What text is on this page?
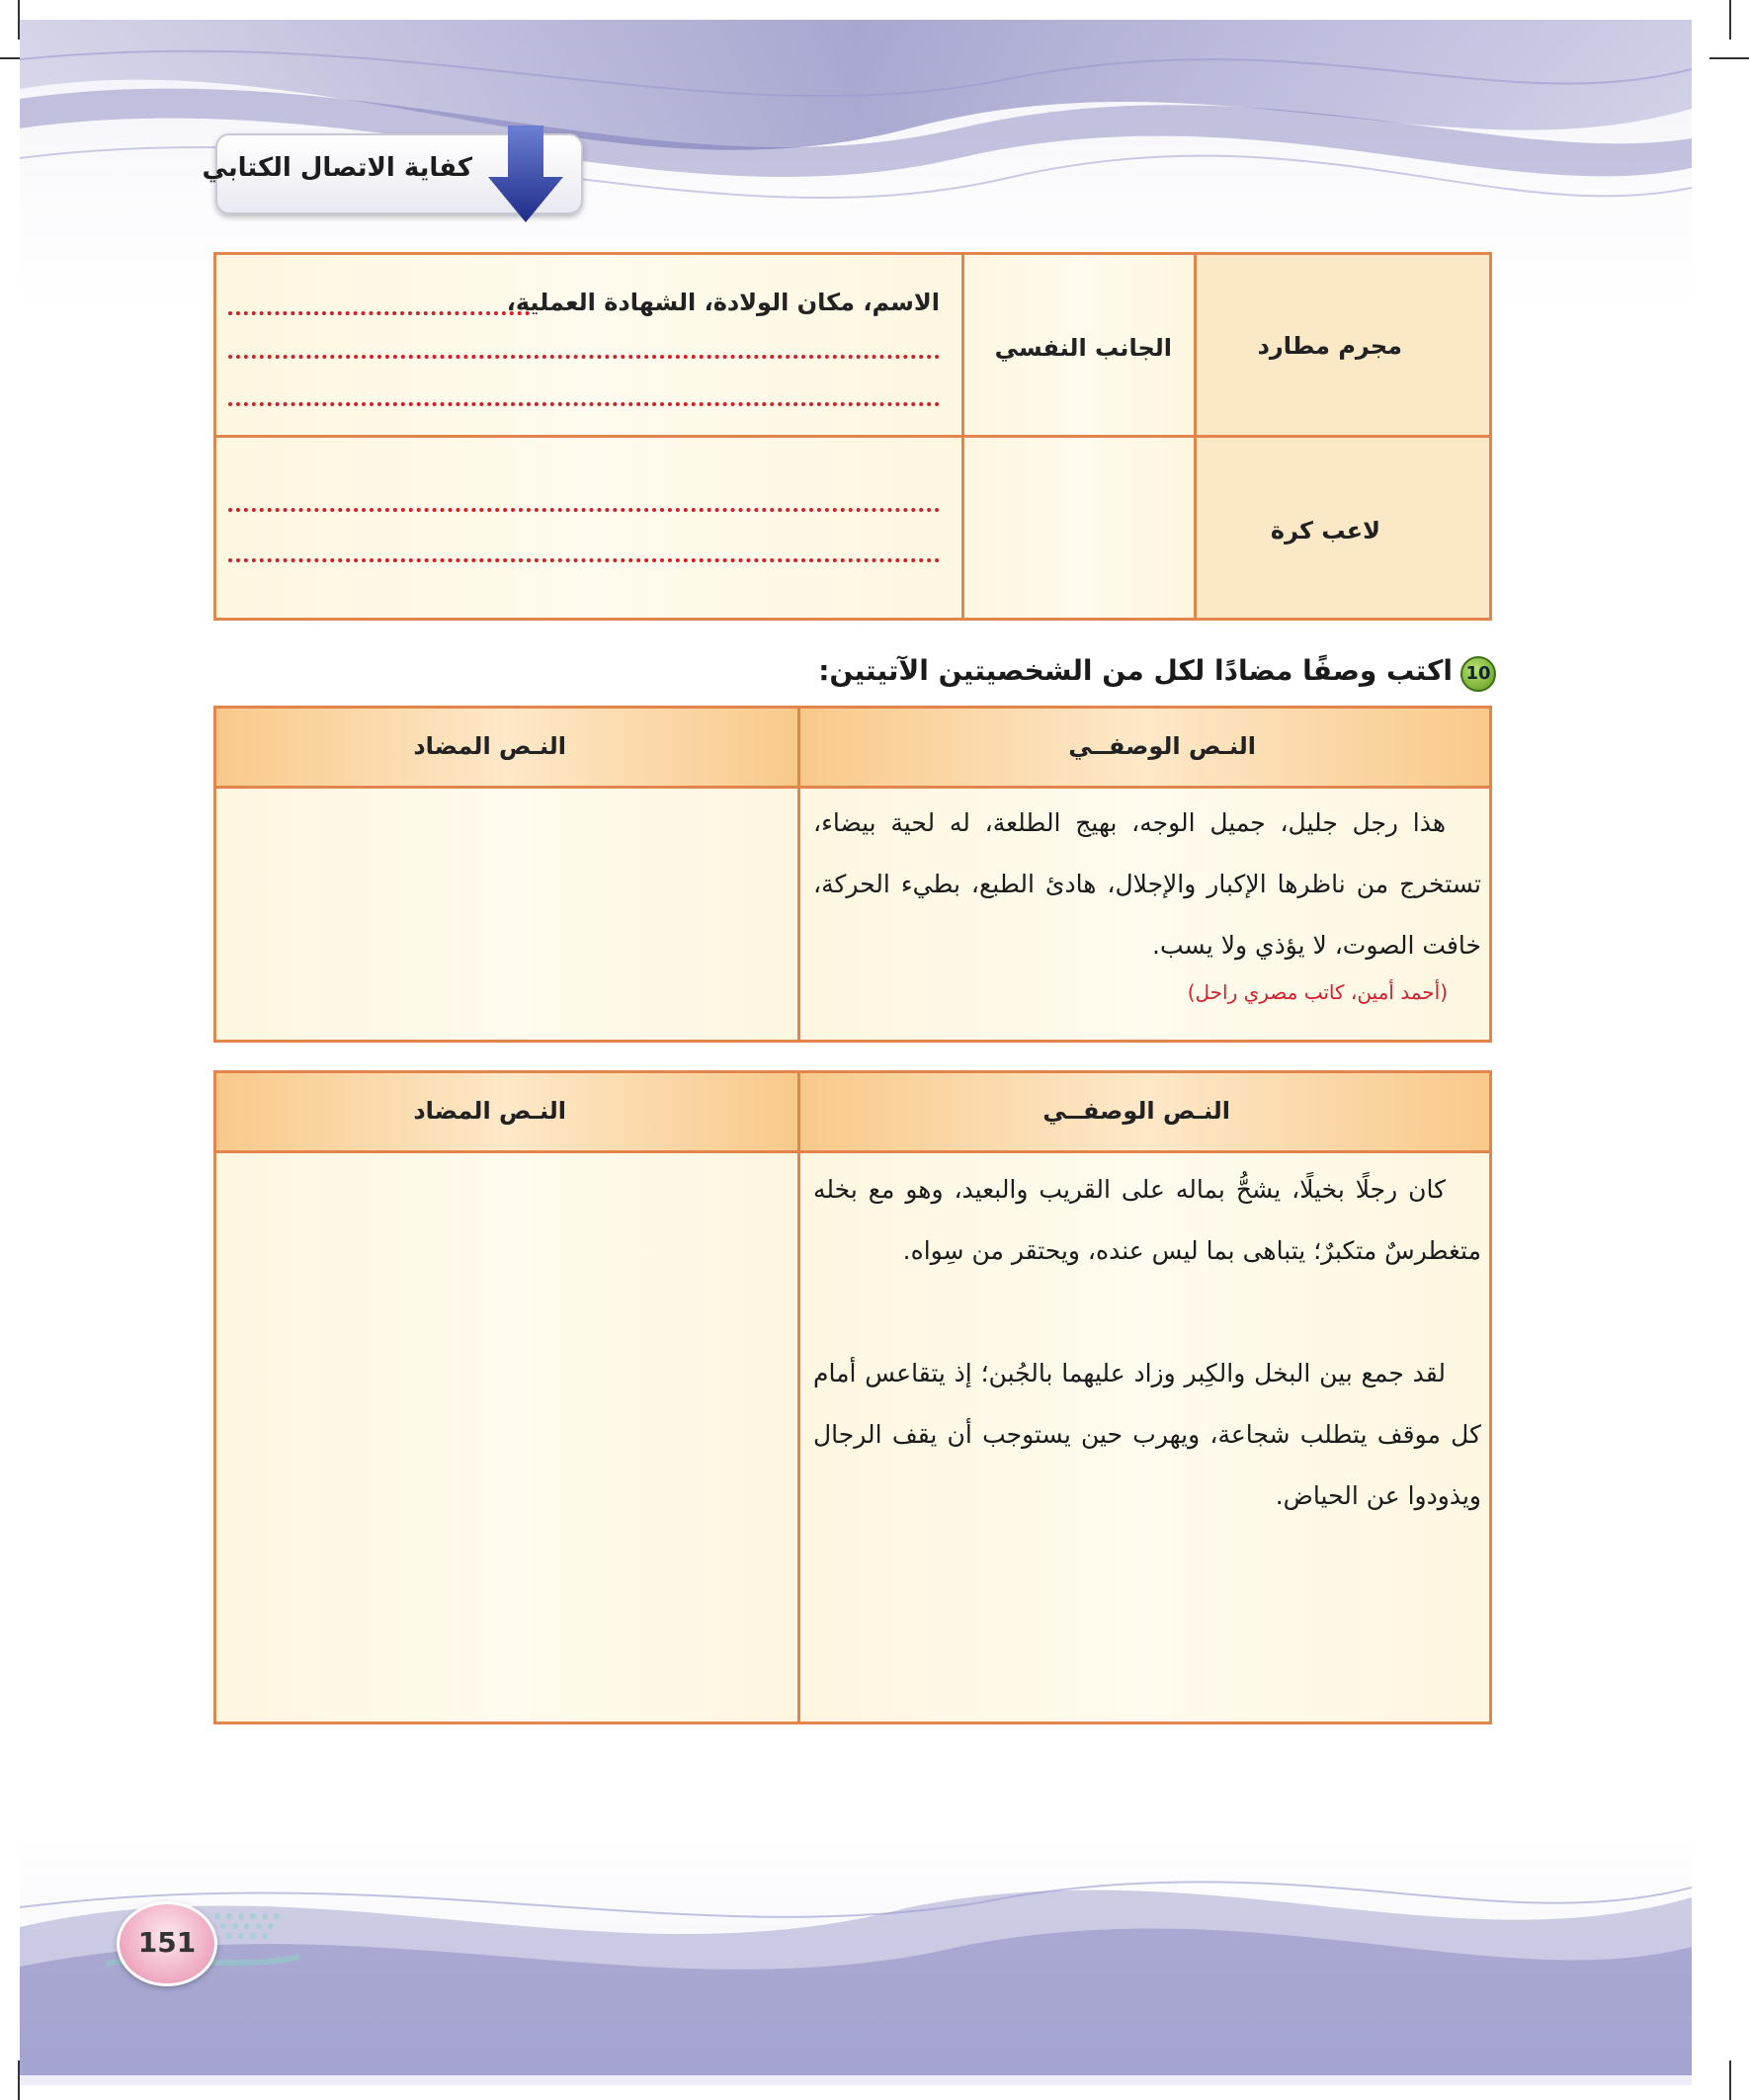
كفاية الاتصال الكتابي
مجرم مطارد
الجانب النفسي
الاسم، مكان الولادة، الشهادة العملية،
لاعب كرة
10
اكتب وصفًا مضادًا لكل من الشخصيتين الآتيتين:
النـص الوصفــي
النـص المضاد
هذا رجل جليل، جميل الوجه، بهيج الطلعة، له لحية بيضاء، تستخرج من ناظرها الإكبار والإجلال، هادئ الطبع، بطيء الحركة، خافت الصوت، لا يؤذي ولا يسب.
(أحمد أمين، كاتب مصري راحل)
النـص الوصفــي
النـص المضاد
كان رجلًا بخيلًا، يشحُّ بماله على القريب والبعيد، وهو مع بخله متغطرسٌ متكبرٌ؛ يتباهى بما ليس عنده، ويحتقر من سِواه.
لقد جمع بين البخل والكِبر وزاد عليهما بالجُبن؛ إذ يتقاعس أمام كل موقف يتطلب شجاعة، ويهرب حين يستوجب أن يقف الرجال ويذودوا عن الحياض.
151
